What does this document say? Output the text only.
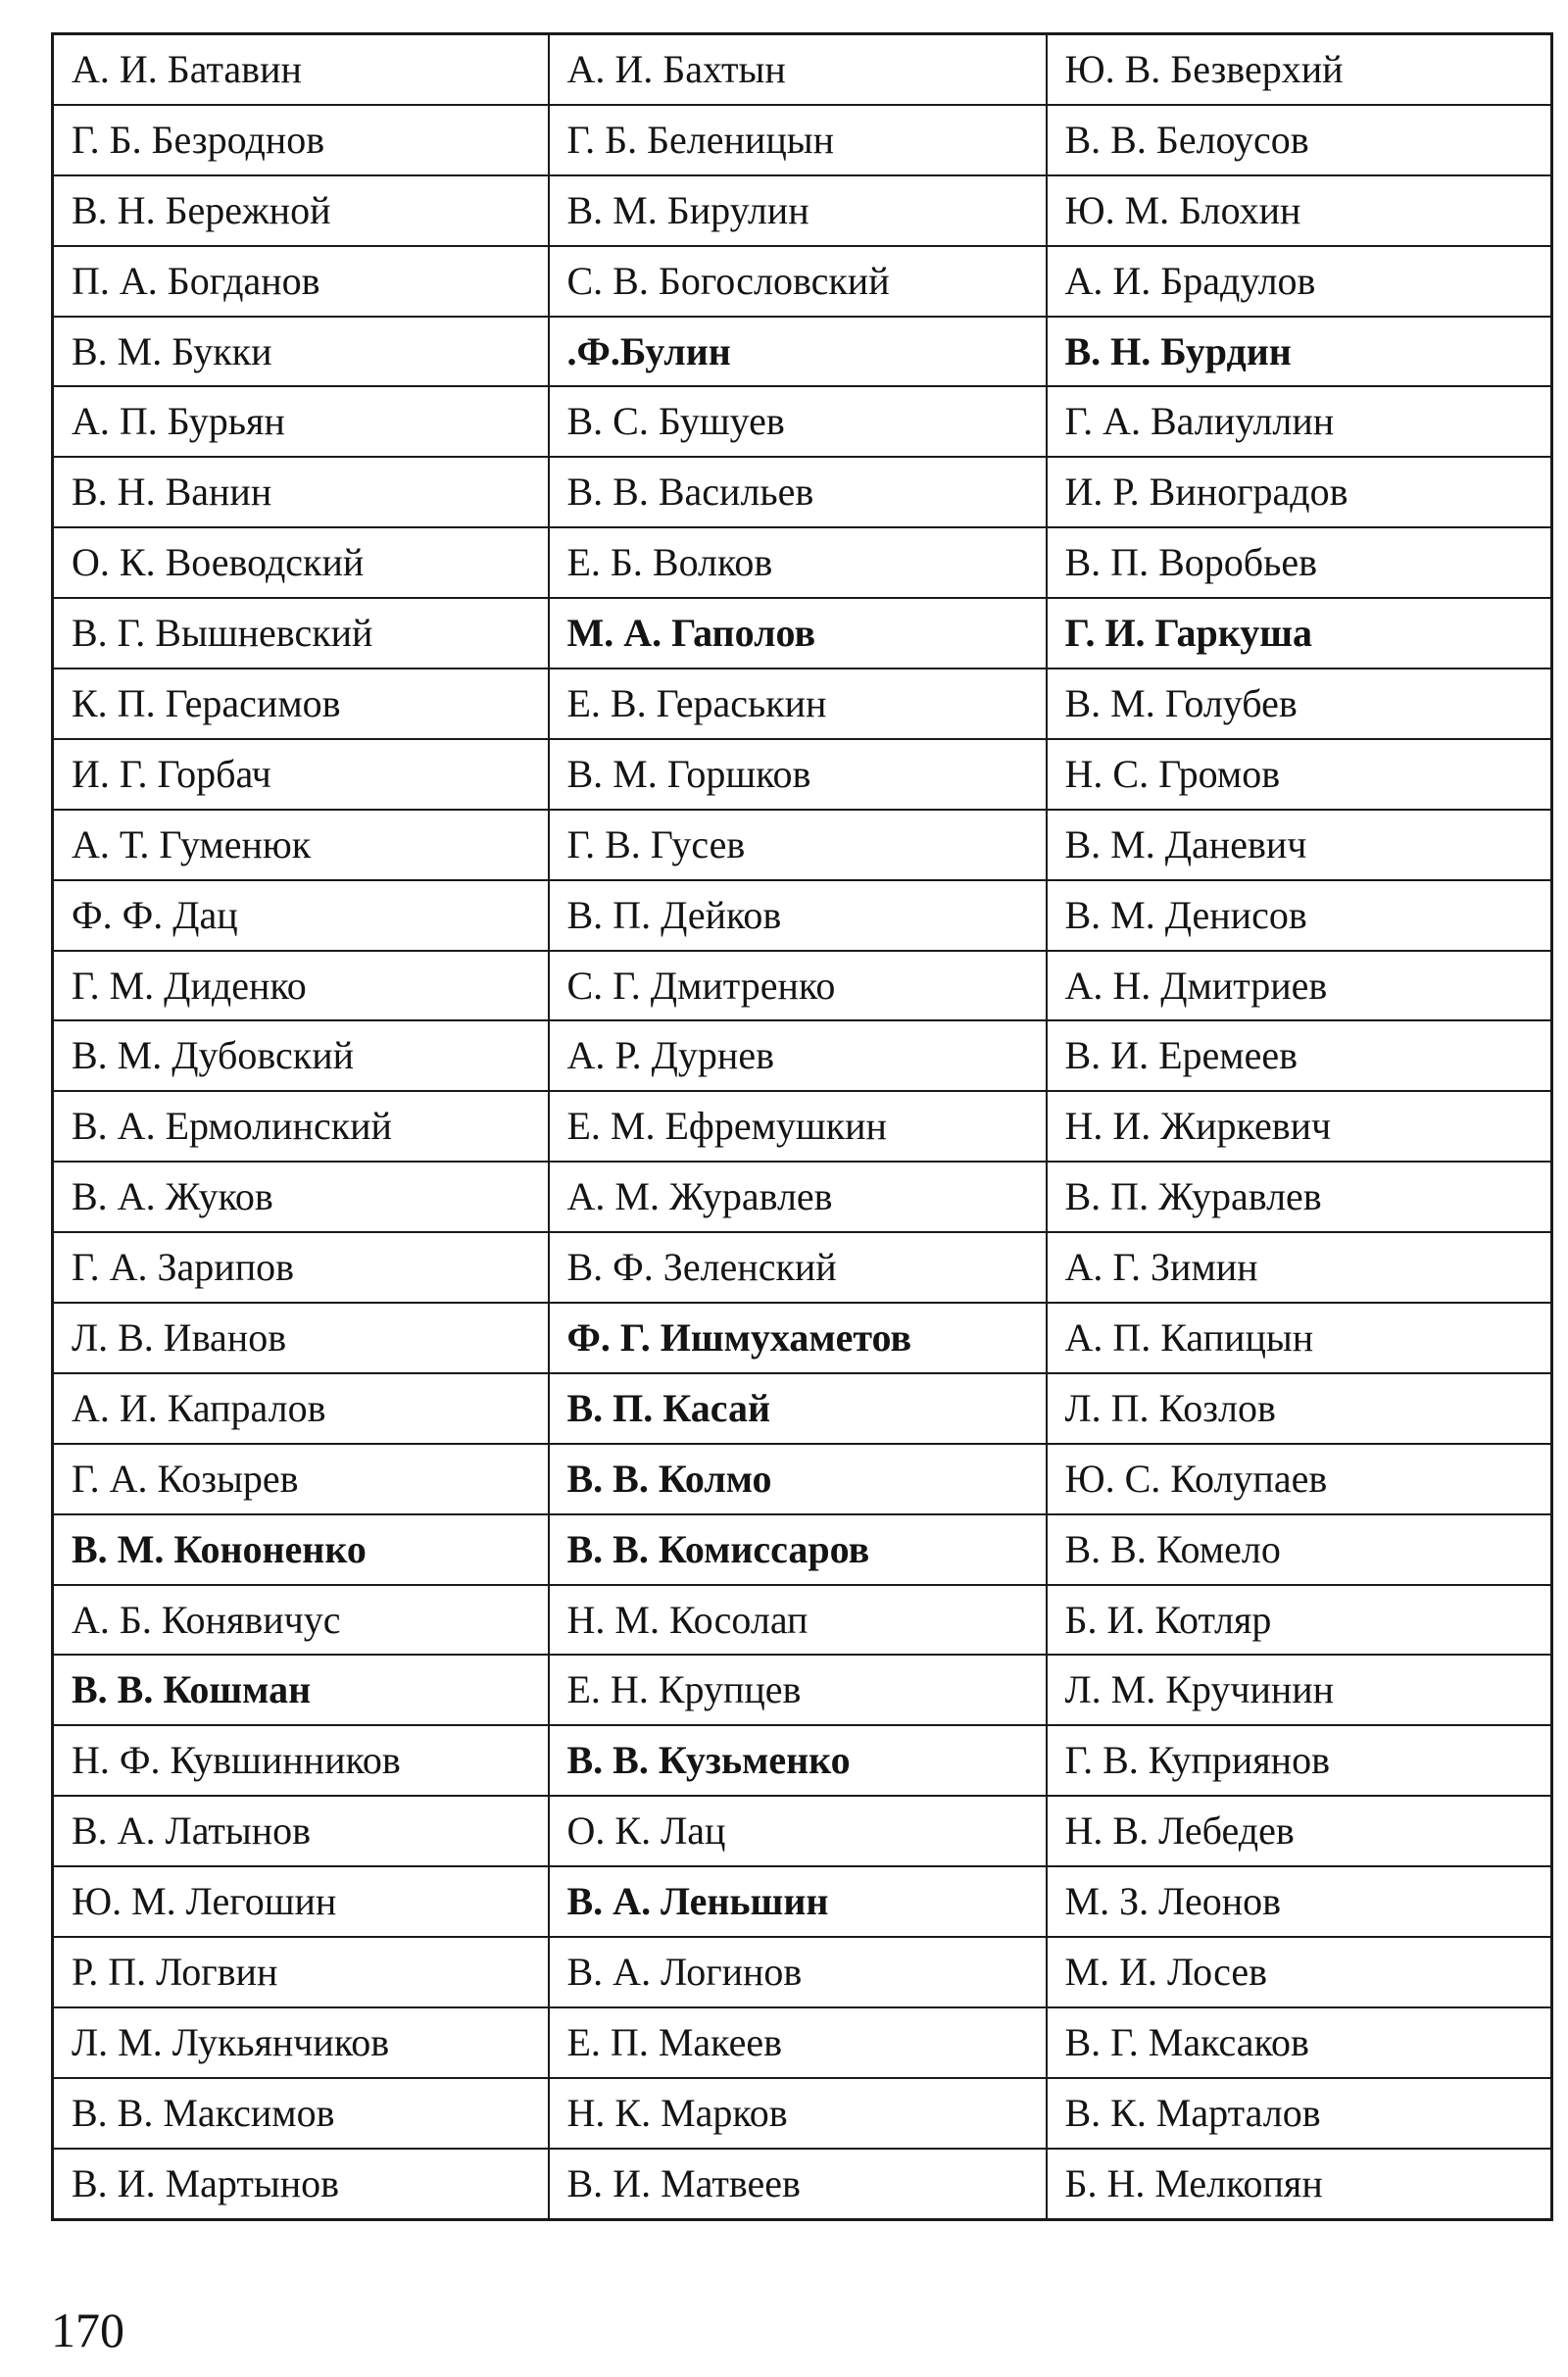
А. И. Батавин	А. И. Бахтын	Ю. В. Безверхий
Г. Б. Безроднов	Г. Б. Беленицын	В. В. Белоусов
В. Н. Бережной	В. М. Бирулин	Ю. М. Блохин
П. А. Богданов	С. В. Богословский	А. И. Брадулов
В. М. Букки	.Ф.Булин	В. Н. Бурдин
А. П. Бурьян	В. С. Бушуев	Г. А. Валиуллин
В. Н. Ванин	В. В. Васильев	И. Р. Виноградов
О. К. Воеводский	Е. Б. Волков	В. П. Воробьев
В. Г. Вышневский	М. А. Гаполов	Г. И. Гаркуша
К. П. Герасимов	Е. В. Гераськин	В. М. Голубев
И. Г. Горбач	В. М. Горшков	Н. С. Громов
А. Т. Гуменюк	Г. В. Гусев	В. М. Даневич
Ф. Ф. Дац	В. П. Дейков	В. М. Денисов
Г. М. Диденко	С. Г. Дмитренко	А. Н. Дмитриев
В. М. Дубовский	А. Р. Дурнев	В. И. Еремеев
В. А. Ермолинский	Е. М. Ефремушкин	Н. И. Жиркевич
В. А. Жуков	А. М. Журавлев	В. П. Журавлев
Г. А. Зарипов	В. Ф. Зеленский	А. Г. Зимин
Л. В. Иванов	Ф. Г. Ишмухаметов	А. П. Капицын
А. И. Капралов	В. П. Касай	Л. П. Козлов
Г. А. Козырев	В. В. Колмо	Ю. С. Колупаев
В. М. Кононенко	В. В. Комиссаров	В. В. Комело
А. Б. Конявичус	Н. М. Косолап	Б. И. Котляр
В. В. Кошман	Е. Н. Крупцев	Л. М. Кручинин
Н. Ф. Кувшинников	В. В. Кузьменко	Г. В. Куприянов
В. А. Латынов	О. К. Лац	Н. В. Лебедев
Ю. М. Легошин	В. А. Леньшин	М. З. Леонов
Р. П. Логвин	В. А. Логинов	М. И. Лосев
Л. М. Лукьянчиков	Е. П. Макеев	В. Г. Максаков
В. В. Максимов	Н. К. Марков	В. К. Марталов
В. И. Мартынов	В. И. Матвеев	Б. Н. Мелкопян
170
